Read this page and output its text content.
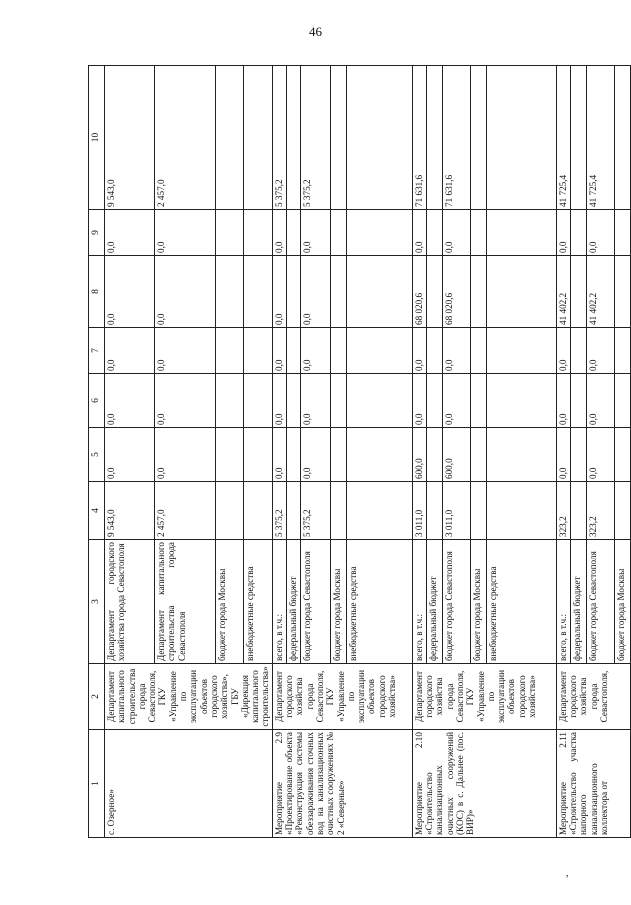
46
1	2	3	4	5	6	7	8	9	10
с. Озерное»	Департамент капитального строительства города Севастополя, ГКУ «Управление по эксплуатации объектов городского хозяйства», ГБУ «Дирекция капитального строительства»	Департамент городского хозяйства города Севастополя	9 543,0	0,0	0,0	0,0	0,0	0,0	9 543,0
		Департамент капитального строительства города Севастополя	2 457,0	0,0	0,0	0,0	0,0	0,0	2 457,0
		бюджет города Москвы							
		внебюджетные средства							
Мероприятие 2.9 «Проектирование объекта «Реконструкция системы обеззараживания сточных вод на канализационных очистных сооружениях № 2 «Северные»	Департамент городского хозяйства города Севастополя, ГКУ «Управление по эксплуатации объектов городского хозяйства»	всего, в т.ч.:	5 375,2	0,0	0,0	0,0	0,0	0,0	5 375,2
		федеральный бюджет							
		бюджет города Севастополя	5 375,2	0,0	0,0	0,0	0,0	0,0	5 375,2
		бюджет города Москвы							
		внебюджетные средства							
Мероприятие 2.10 «Строительство канализационных очистных сооружений (КОС) в с. Дальнее (пос. ВИР)»	Департамент городского хозяйства города Севастополя, ГКУ «Управление по эксплуатации объектов городского хозяйства»	всего, в т.ч.:	3 011,0	600,0	0,0	0,0	68 020,6	0,0	71 631,6
		федеральный бюджет							
		бюджет города Севастополя	3 011,0	600,0	0,0	0,0	68 020,6	0,0	71 631,6
		бюджет города Москвы							
		внебюджетные средства							
Мероприятие 2.11 «Строительство участка напорного канализационного коллектора от	Департамент городского хозяйства города Севастополя,	всего, в т.ч.:	323,2	0,0	0,0	0,0	41 402,2	0,0	41 725,4
		федеральный бюджет							
		бюджет города Севастополя	323,2	0,0	0,0	0,0	41 402,2	0,0	41 725,4
		бюджет города Москвы							
,
